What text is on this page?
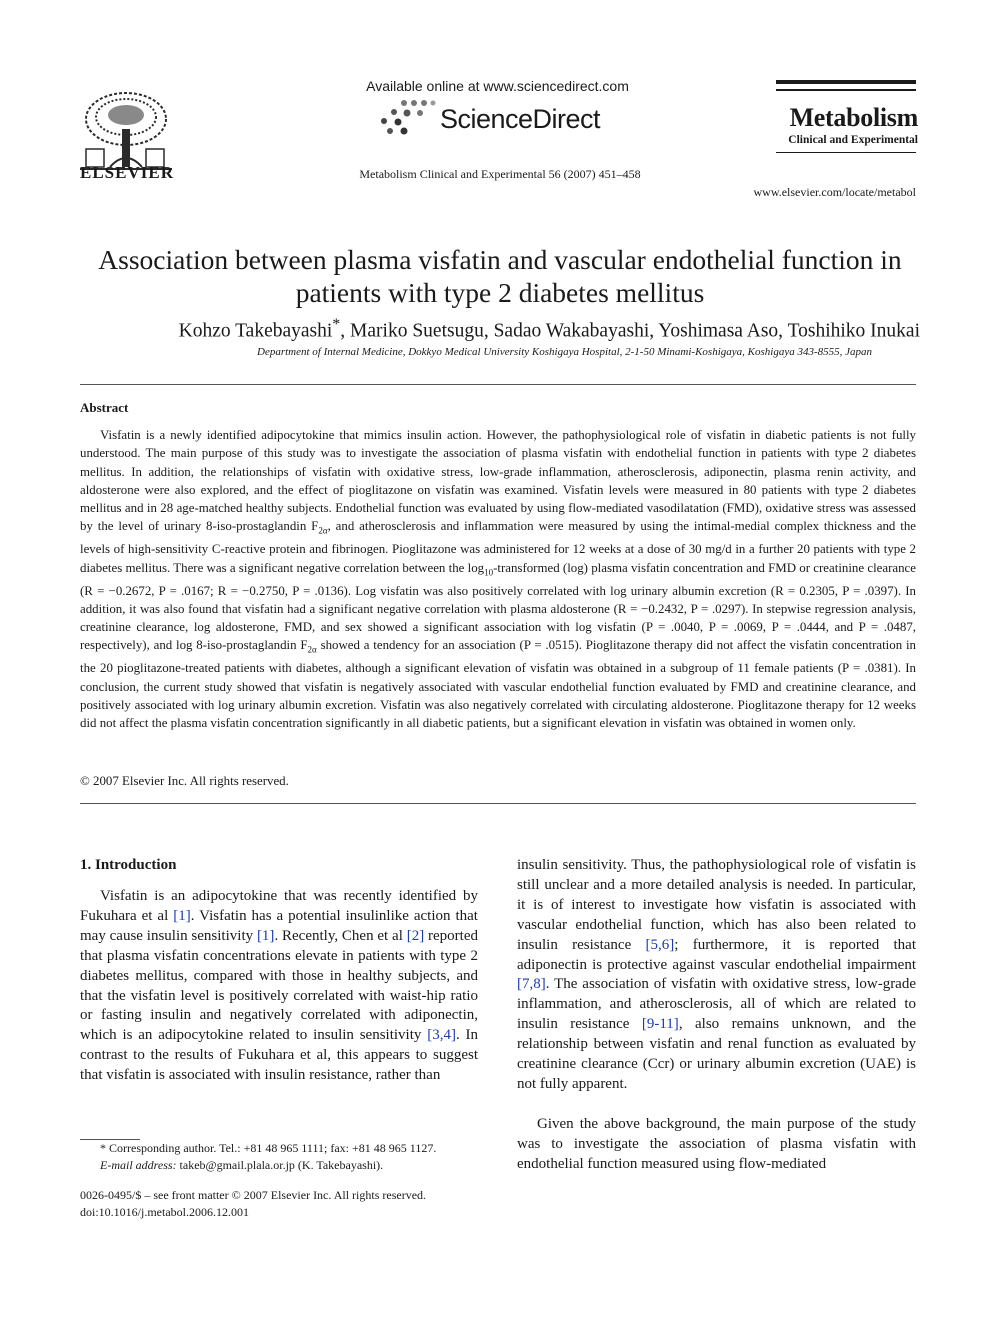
ELSEVIER
Available online at www.sciencedirect.com
ScienceDirect
Metabolism Clinical and Experimental 56 (2007) 451–458
Metabolism
Clinical and Experimental
www.elsevier.com/locate/metabol
Association between plasma visfatin and vascular endothelial function in patients with type 2 diabetes mellitus
Kohzo Takebayashi*, Mariko Suetsugu, Sadao Wakabayashi, Yoshimasa Aso, Toshihiko Inukai
Department of Internal Medicine, Dokkyo Medical University Koshigaya Hospital, 2-1-50 Minami-Koshigaya, Koshigaya 343-8555, Japan
Abstract

Visfatin is a newly identified adipocytokine that mimics insulin action. However, the pathophysiological role of visfatin in diabetic patients is not fully understood. The main purpose of this study was to investigate the association of plasma visfatin with endothelial function in patients with type 2 diabetes mellitus. In addition, the relationships of visfatin with oxidative stress, low-grade inflammation, atherosclerosis, adiponectin, plasma renin activity, and aldosterone were also explored, and the effect of pioglitazone on visfatin was examined. Visfatin levels were measured in 80 patients with type 2 diabetes mellitus and in 28 age-matched healthy subjects. Endothelial function was evaluated by using flow-mediated vasodilatation (FMD), oxidative stress was assessed by the level of urinary 8-iso-prostaglandin $F_{2\alpha}$, and atherosclerosis and inflammation were measured by using the intimal-medial complex thickness and the levels of high-sensitivity C-reactive protein and fibrinogen. Pioglitazone was administered for 12 weeks at a dose of 30 mg/d in a further 20 patients with type 2 diabetes mellitus. There was a significant negative correlation between the $\log_{10}$-transformed (log) plasma visfatin concentration and FMD or creatinine clearance (R = −0.2672, P = .0167; R = −0.2750, P = .0136). Log visfatin was also positively correlated with log urinary albumin excretion (R = 0.2305, P = .0397). In addition, it was also found that visfatin had a significant negative correlation with plasma aldosterone (R = −0.2432, P = .0297). In stepwise regression analysis, creatinine clearance, log aldosterone, FMD, and sex showed a significant association with log visfatin (P = .0040, P = .0069, P = .0444, and P = .0487, respectively), and log 8-iso-prostaglandin $F_{2\alpha}$ showed a tendency for an association (P = .0515). Pioglitazone therapy did not affect the visfatin concentration in the 20 pioglitazone-treated patients with diabetes, although a significant elevation of visfatin was obtained in a subgroup of 11 female patients (P = .0381). In conclusion, the current study showed that visfatin is negatively associated with vascular endothelial function evaluated by FMD and creatinine clearance, and positively associated with log urinary albumin excretion. Visfatin was also negatively correlated with circulating aldosterone. Pioglitazone therapy for 12 weeks did not affect the plasma visfatin concentration significantly in all diabetic patients, but a significant elevation in visfatin was obtained in women only.

© 2007 Elsevier Inc. All rights reserved.
1. Introduction

Visfatin is an adipocytokine that was recently identified by Fukuhara et al [1]. Visfatin has a potential insulinlike action that may cause insulin sensitivity [1]. Recently, Chen et al [2] reported that plasma visfatin concentrations elevate in patients with type 2 diabetes mellitus, compared with those in healthy subjects, and that the visfatin level is positively correlated with waist-hip ratio or fasting insulin and negatively correlated with adiponectin, which is an adipocytokine related to insulin sensitivity [3,4]. In contrast to the results of Fukuhara et al, this appears to suggest that visfatin is associated with insulin resistance, rather than

insulin sensitivity. Thus, the pathophysiological role of visfatin is still unclear and a more detailed analysis is needed. In particular, it is of interest to investigate how visfatin is associated with vascular endothelial function, which has also been related to insulin resistance [5,6]; furthermore, it is reported that adiponectin is protective against vascular endothelial impairment [7,8]. The association of visfatin with oxidative stress, low-grade inflammation, and atherosclerosis, all of which are related to insulin resistance [9-11], also remains unknown, and the relationship between visfatin and renal function as evaluated by creatinine clearance (Ccr) or urinary albumin excretion (UAE) is not fully apparent.

Given the above background, the main purpose of the study was to investigate the association of plasma visfatin with endothelial function measured using flow-mediated

* Corresponding author. Tel.: +81 48 965 1111; fax: +81 48 965 1127.
E-mail address: takeb@gmail.plala.or.jp (K. Takebayashi).
0026-0495/$ – see front matter © 2007 Elsevier Inc. All rights reserved.
doi:10.1016/j.metabol.2006.12.001
